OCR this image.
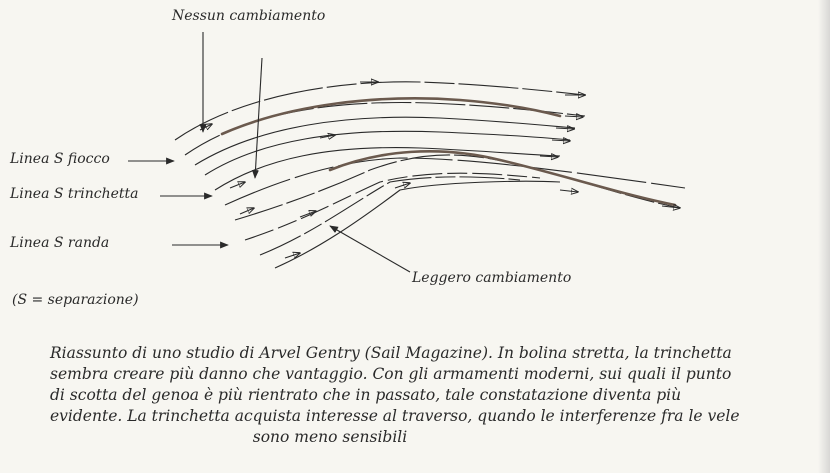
Nessun cambiamento
Linea S fiocco
Linea S trinchetta
Linea S randa
Leggero cambiamento
(S = separazione)
Riassunto di uno studio di Arvel Gentry (Sail Magazine). In bolina stretta, la trinchetta
sembra creare più danno che vantaggio. Con gli armamenti moderni, sui quali il punto
di scotta del genoa è più rientrato che in passato, tale constatazione diventa più
evidente. La trinchetta acquista interesse al traverso, quando le interferenze fra le vele
sono meno sensibili
